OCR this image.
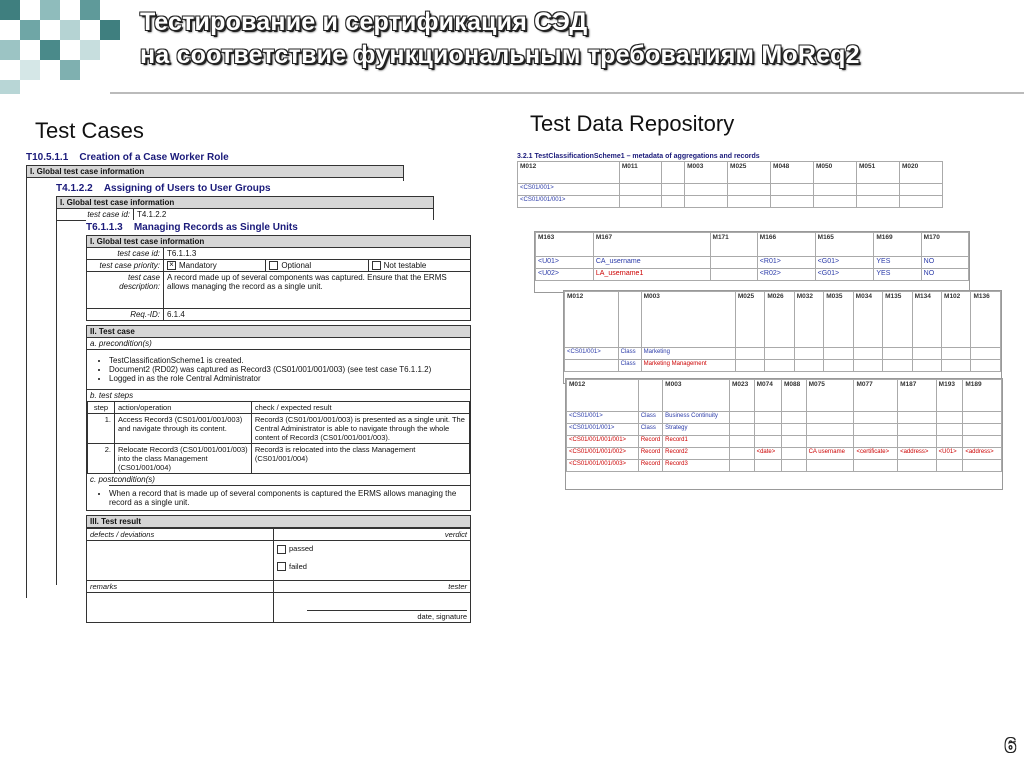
Тестирование и сертификация СЭД
на соответствие функциональным требованиям MoReq2
Test Cases	Test Data Repository
T10.5.1.1 Creation of a Case Worker Role
I. Global test case information
T4.1.2.2 Assigning of Users to User Groups
I. Global test case information
test case id: T4.1.2.2
T6.1.1.3 Managing Records as Single Units
I. Global test case information
test case id: T6.1.1.3
test case priority:	× Mandatory	Optional	Not testable
test case description:
A record made up of several components was captured. Ensure that the ERMS allows managing the record as a single unit.
Req.-ID: 6.1.4
II. Test case
a. precondition(s)
• TestClassificationScheme1 is created.
• Document2 (RD02) was captured as Record3 (CS01/001/001/003) (see test case T6.1.1.2)
• Logged in as the role Central Administrator
b. test steps
step	action/operation	check / expected result
1.	Access Record3 (CS01/001/001/003) and navigate through its content.	Record3 (CS01/001/001/003) is presented as a single unit. The Central Administrator is able to navigate through the whole content of Record3 (CS01/001/001/003).
2.	Relocate Record3 (CS01/001/001/003) into the class Management (CS01/001/004)	Record3 is relocated into the class Management (CS01/001/004)
c. postcondition(s)
• When a record that is made up of several components is captured the ERMS allows managing the record as a single unit.
III. Test result
defects / deviations	verdict

	passed
failed

remarks	tester

	date, signature
3.2.1 TestClassificationScheme1 – metadata of aggregations and records
M012	M011		M003	M025	M048	M050	M051	M020
<CS01/001>								
<CS01/001/001>								
M163	M167	M171	M166	M165	M169	M170
<U01>	CA_username		<R01>	<G01>	YES	NO
<U02>	LA_username1		<R02>	<G01>	YES	NO
M012		M003	M025	M026	M032	M035	M034	M135	M134	M102	M136
<CS01/001>	Class	Marketing									
	Class	Marketing Management									
M012		M003	M023	M074	M088	M075	M077	M187	M193	M189
<CS01/001>	Class	Business Continuity								
<CS01/001/001>	Class	Strategy								
<CS01/001/001/001>	Record	Record1								
<CS01/001/001/002>	Record	Record2		<date>		CA username	<certificate>	<address>	<U01>	<address>
<CS01/001/001/003>	Record	Record3								
6
